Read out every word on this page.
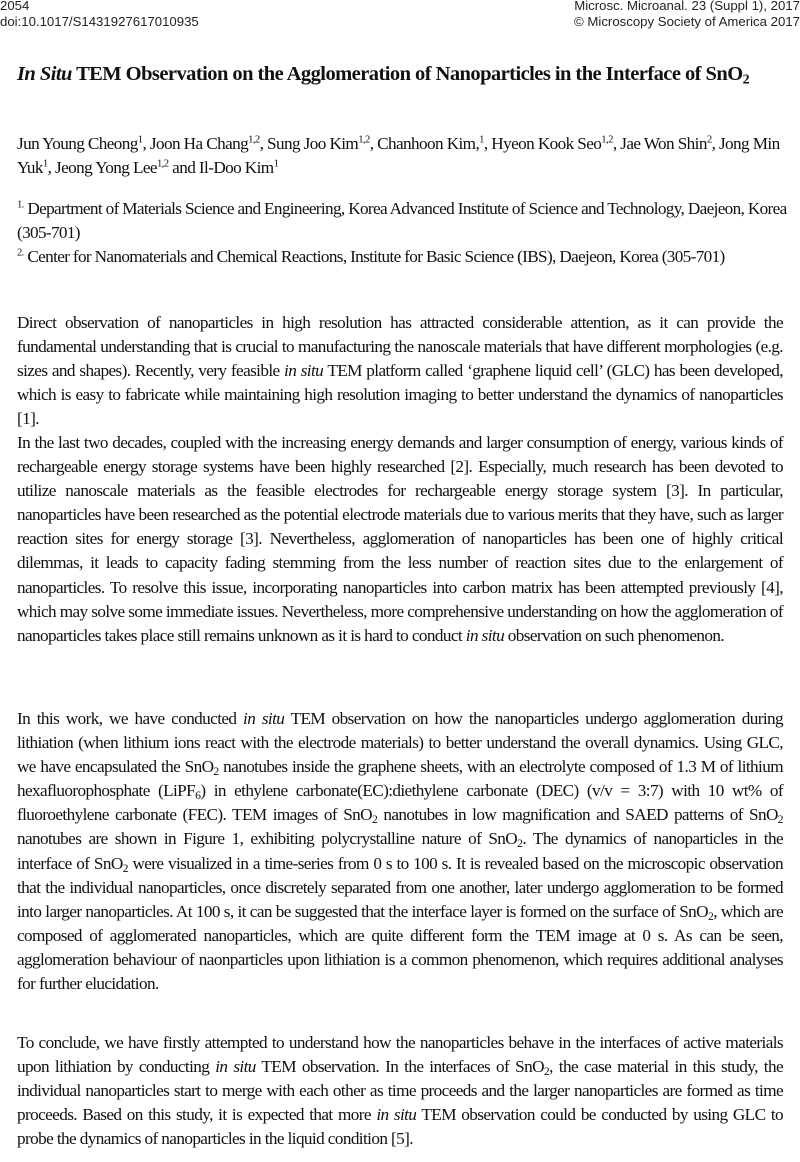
2054
doi:10.1017/S1431927617010935
Microsc. Microanal. 23 (Suppl 1), 2017
© Microscopy Society of America 2017
In Situ TEM Observation on the Agglomeration of Nanoparticles in the Interface of SnO$_2$
Jun Young Cheong$^1$, Joon Ha Chang$^{1,2}$, Sung Joo Kim$^{1,2}$, Chanhoon Kim,$^1$, Hyeon Kook Seo$^{1,2}$, Jae Won Shin$^2$, Jong Min Yuk$^1$, Jeong Yong Lee$^{1,2}$ and Il-Doo Kim$^1$
$^{1.}$ Department of Materials Science and Engineering, Korea Advanced Institute of Science and Technology, Daejeon, Korea (305-701)
$^{2.}$ Center for Nanomaterials and Chemical Reactions, Institute for Basic Science (IBS), Daejeon, Korea (305-701)
Direct observation of nanoparticles in high resolution has attracted considerable attention, as it can provide the fundamental understanding that is crucial to manufacturing the nanoscale materials that have different morphologies (e.g. sizes and shapes). Recently, very feasible in situ TEM platform called ‘graphene liquid cell’ (GLC) has been developed, which is easy to fabricate while maintaining high resolution imaging to better understand the dynamics of nanoparticles [1].
In the last two decades, coupled with the increasing energy demands and larger consumption of energy, various kinds of rechargeable energy storage systems have been highly researched [2]. Especially, much research has been devoted to utilize nanoscale materials as the feasible electrodes for rechargeable energy storage system [3]. In particular, nanoparticles have been researched as the potential electrode materials due to various merits that they have, such as larger reaction sites for energy storage [3]. Nevertheless, agglomeration of nanoparticles has been one of highly critical dilemmas, it leads to capacity fading stemming from the less number of reaction sites due to the enlargement of nanoparticles. To resolve this issue, incorporating nanoparticles into carbon matrix has been attempted previously [4], which may solve some immediate issues. Nevertheless, more comprehensive understanding on how the agglomeration of nanoparticles takes place still remains unknown as it is hard to conduct in situ observation on such phenomenon.
In this work, we have conducted in situ TEM observation on how the nanoparticles undergo agglomeration during lithiation (when lithium ions react with the electrode materials) to better understand the overall dynamics. Using GLC, we have encapsulated the SnO$_2$ nanotubes inside the graphene sheets, with an electrolyte composed of 1.3 M of lithium hexafluorophosphate (LiPF$_6$) in ethylene carbonate(EC):diethylene carbonate (DEC) (v/v = 3:7) with 10 wt% of fluoroethylene carbonate (FEC). TEM images of SnO$_2$ nanotubes in low magnification and SAED patterns of SnO$_2$ nanotubes are shown in Figure 1, exhibiting polycrystalline nature of SnO$_2$. The dynamics of nanoparticles in the interface of SnO$_2$ were visualized in a time-series from 0 s to 100 s. It is revealed based on the microscopic observation that the individual nanoparticles, once discretely separated from one another, later undergo agglomeration to be formed into larger nanoparticles. At 100 s, it can be suggested that the interface layer is formed on the surface of SnO$_2$, which are composed of agglomerated nanoparticles, which are quite different form the TEM image at 0 s. As can be seen, agglomeration behaviour of naonparticles upon lithiation is a common phenomenon, which requires additional analyses for further elucidation.
To conclude, we have firstly attempted to understand how the nanoparticles behave in the interfaces of active materials upon lithiation by conducting in situ TEM observation. In the interfaces of SnO$_2$, the case material in this study, the individual nanoparticles start to merge with each other as time proceeds and the larger nanoparticles are formed as time proceeds. Based on this study, it is expected that more in situ TEM observation could be conducted by using GLC to probe the dynamics of nanoparticles in the liquid condition [5].
